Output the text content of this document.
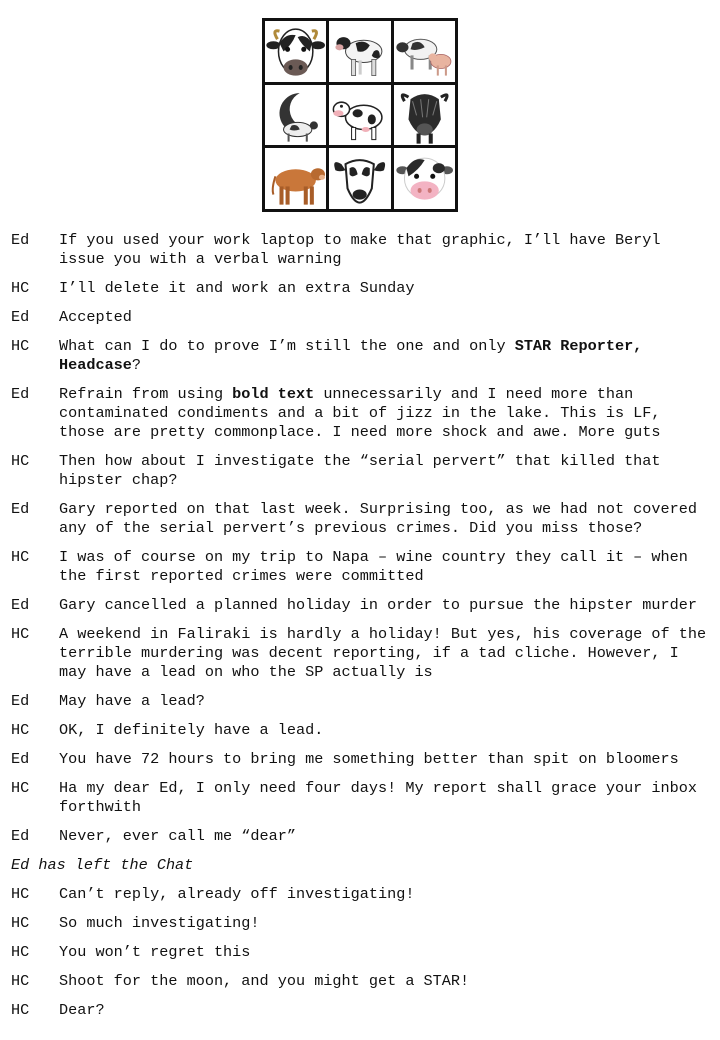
Ed	If you used your work laptop to make that graphic, I’ll have Beryl issue you with a verbal warning
HC	I’ll delete it and work an extra Sunday
Ed	Accepted
HC	What can I do to prove I’m still the one and only STAR Reporter, Headcase?
Ed	Refrain from using bold text unnecessarily and I need more than contaminated condiments and a bit of jizz in the lake. This is LF, those are pretty commonplace. I need more shock and awe. More guts
HC	Then how about I investigate the “serial pervert” that killed that hipster chap?
Ed	Gary reported on that last week. Surprising too, as we had not covered any of the serial pervert’s previous crimes. Did you miss those?
HC	I was of course on my trip to Napa – wine country they call it – when the first reported crimes were committed
Ed	Gary cancelled a planned holiday in order to pursue the hipster murder
HC	A weekend in Faliraki is hardly a holiday! But yes, his coverage of the terrible murdering was decent reporting, if a tad cliche. However, I may have a lead on who the SP actually is
Ed	May have a lead?
HC	OK, I definitely have a lead.
Ed	You have 72 hours to bring me something better than spit on bloomers
HC	Ha my dear Ed, I only need four days! My report shall grace your inbox forthwith
Ed	Never, ever call me “dear”
Ed has left the Chat
HC	Can’t reply, already off investigating!
HC	So much investigating!
HC	You won’t regret this
HC	Shoot for the moon, and you might get a STAR!
HC	Dear?
